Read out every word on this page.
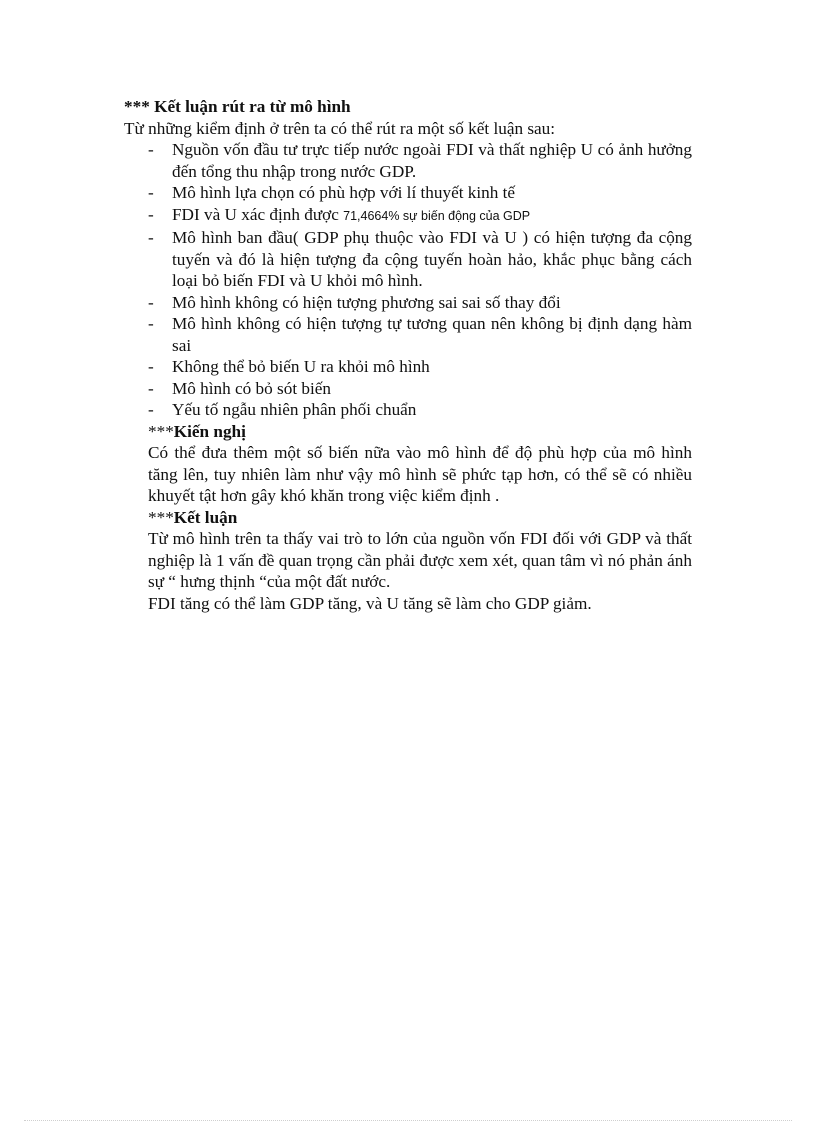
*** Kết luận rút ra từ mô hình

Từ những kiểm định ở trên ta có thể rút ra một số kết luận sau:

- Nguồn vốn đầu tư trực tiếp nước ngoài FDI và thất nghiệp U có ảnh hưởng đến tổng thu nhập trong nước GDP.
- Mô hình lựa chọn có phù hợp với lí thuyết kinh tế
- FDI và U xác định được 71,4664% sự biến động của GDP
- Mô hình ban đầu( GDP phụ thuộc vào FDI và U ) có hiện tượng đa cộng tuyến và đó là hiện tượng đa cộng tuyến hoàn hảo, khắc phục bằng cách loại bỏ biến FDI và U khỏi mô hình.
- Mô hình không có hiện tượng phương sai sai số thay đổi
- Mô hình không có hiện tượng tự tương quan nên không bị định dạng hàm sai
- Không thể bỏ biến U ra khỏi mô hình
- Mô hình có bỏ sót biến
- Yếu tố ngẫu nhiên phân phối chuẩn

***Kiến nghị

Có thể đưa thêm một số biến nữa vào mô hình để độ phù hợp của mô hình tăng lên, tuy nhiên làm như vậy mô hình sẽ phức tạp hơn, có thể sẽ có nhiều khuyết tật hơn gây khó khăn trong việc kiểm định .

***Kết luận

Từ mô hình trên ta thấy vai trò to lớn của nguồn vốn FDI đối với GDP và thất nghiệp là 1 vấn đề quan trọng cần phải được xem xét, quan tâm vì nó phản ánh sự “ hưng thịnh “của một đất nước.

FDI tăng có thể làm GDP tăng, và U tăng sẽ làm cho GDP giảm.
